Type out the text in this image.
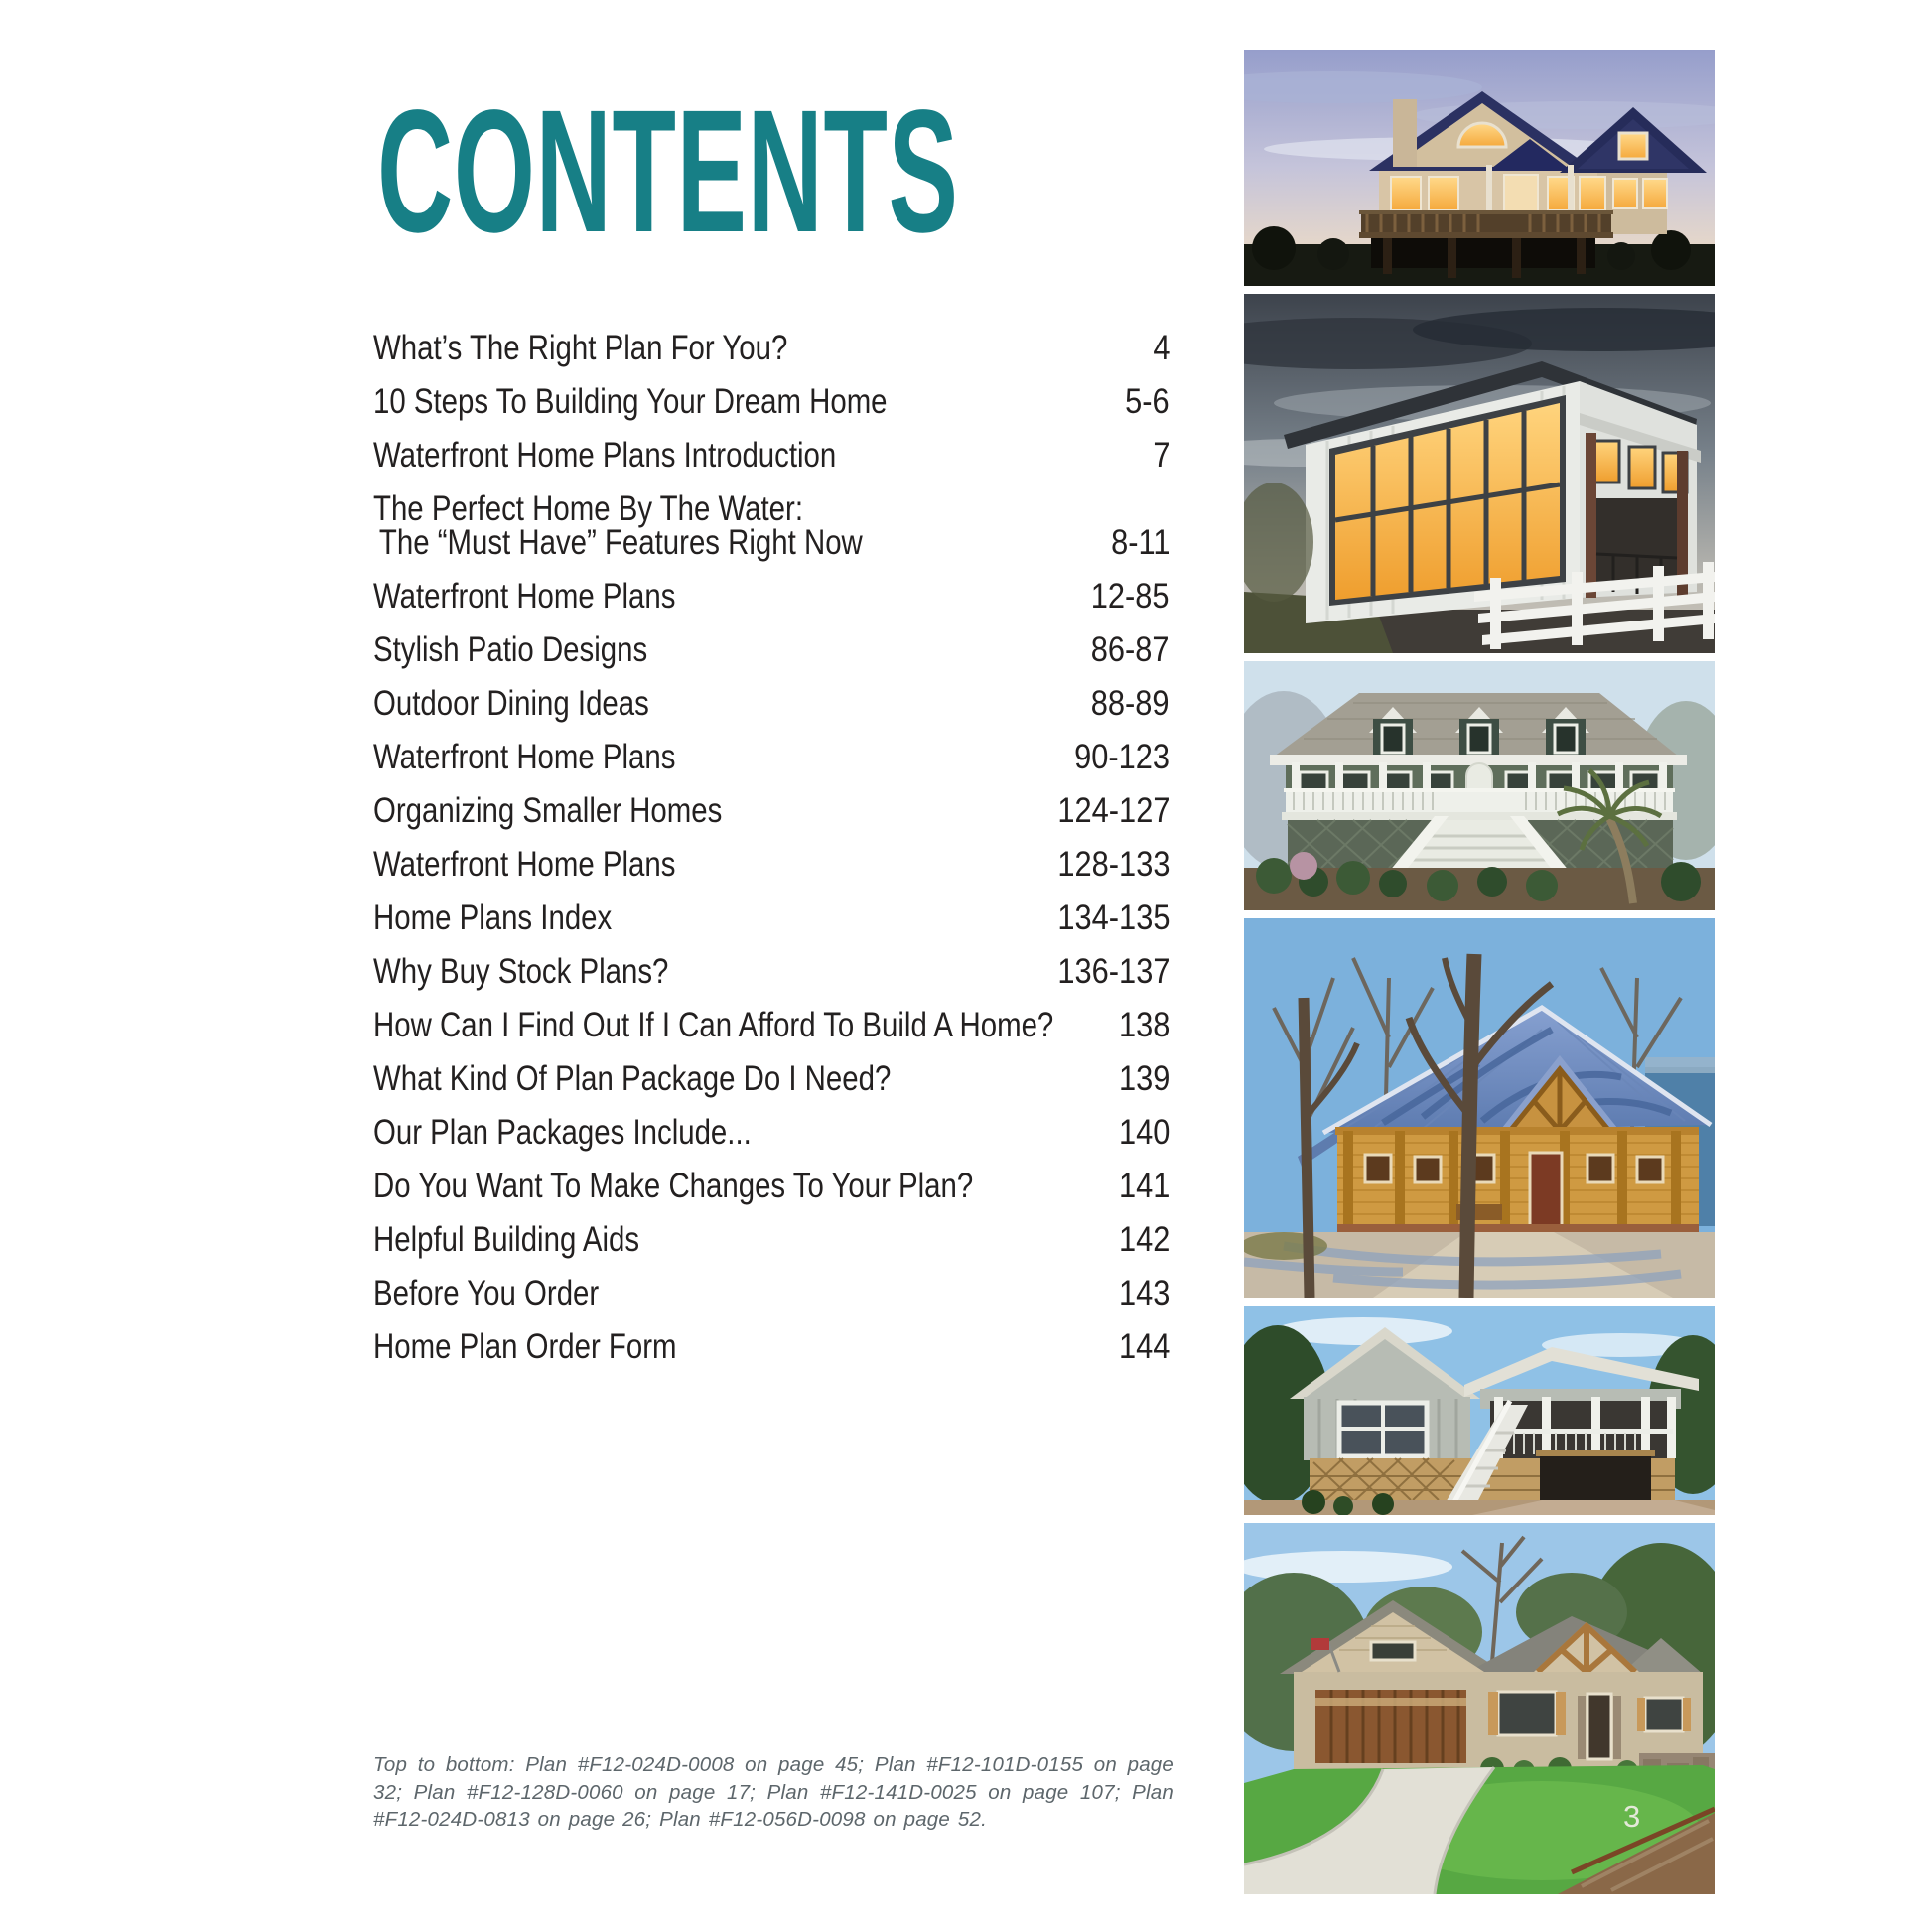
CONTENTS
What’s The Right Plan For You?	4
10 Steps To Building Your Dream Home	5-6
Waterfront Home Plans Introduction	7
The Perfect Home By The Water:
The “Must Have” Features Right Now	8-11
Waterfront Home Plans	12-85
Stylish Patio Designs	86-87
Outdoor Dining Ideas	88-89
Waterfront Home Plans	90-123
Organizing Smaller Homes	124-127
Waterfront Home Plans	128-133
Home Plans Index	134-135
Why Buy Stock Plans?	136-137
How Can I Find Out If I Can Afford To Build A Home? 138
What Kind Of Plan Package Do I Need?	139
Our Plan Packages Include...	140
Do You Want To Make Changes To Your Plan?	141
Helpful Building Aids	142
Before You Order	143
Home Plan Order Form	144

Top to bottom: Plan #F12-024D-0008 on page 45; Plan #F12-101D-0155 on page 32; Plan #F12-128D-0060 on page 17; Plan #F12-141D-0025 on page 107; Plan #F12-024D-0813 on page 26; Plan #F12-056D-0098 on page 52.	3
